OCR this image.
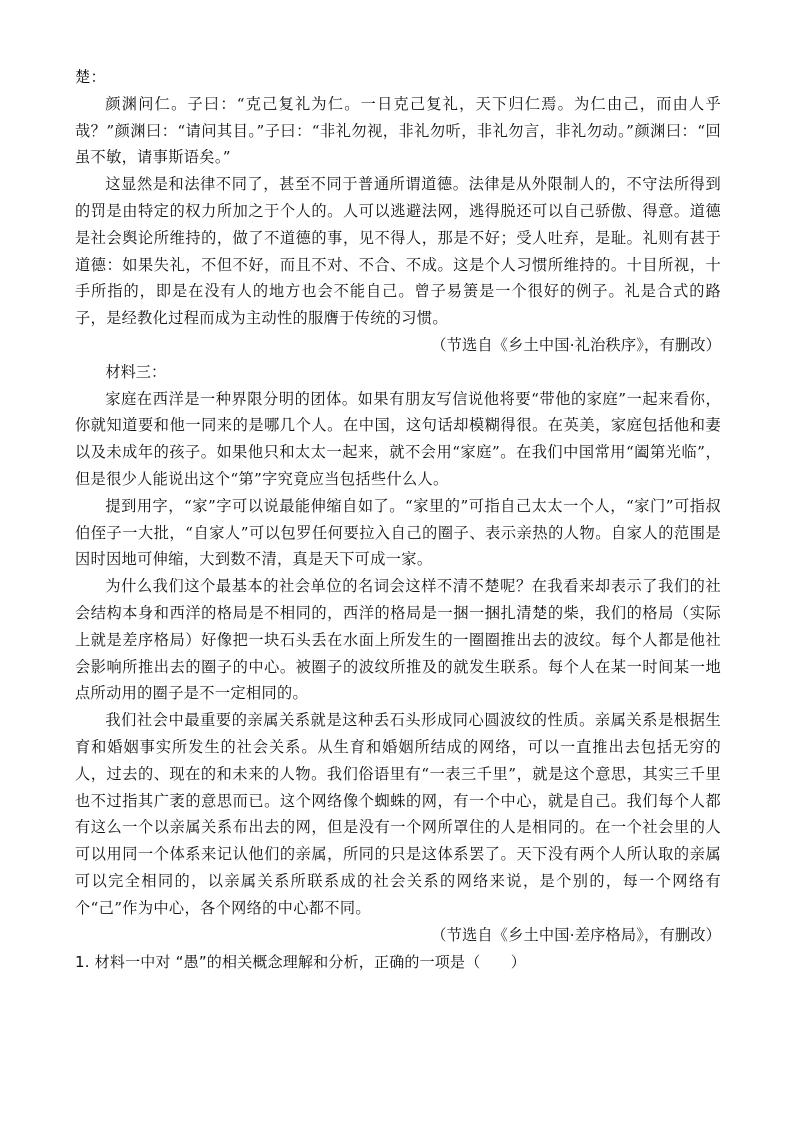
楚：

颜渊问仁。子曰：“克己复礼为仁。一日克己复礼，天下归仁焉。为仁由己，而由人乎哉？”颜渊曰：“请问其目。”子曰：“非礼勿视，非礼勿听，非礼勿言，非礼勿动。”颜渊曰：“回虽不敏，请事斯语矣。”

这显然是和法律不同了，甚至不同于普通所谓道德。法律是从外限制人的，不守法所得到的罚是由特定的权力所加之于个人的。人可以逃避法网，逃得脱还可以自己骄傲、得意。道德是社会舆论所维持的，做了不道德的事，见不得人，那是不好；受人吐弃，是耻。礼则有甚于道德：如果失礼，不但不好，而且不对、不合、不成。这是个人习惯所维持的。十目所视，十手所指的，即是在没有人的地方也会不能自己。曾子易箦是一个很好的例子。礼是合式的路子，是经教化过程而成为主动性的服膺于传统的习惯。

（节选自《乡土中国·礼治秩序》，有删改）

材料三：

家庭在西洋是一种界限分明的团体。如果有朋友写信说他将要“带他的家庭”一起来看你，你就知道要和他一同来的是哪几个人。在中国，这句话却模糊得很。在英美，家庭包括他和妻以及未成年的孩子。如果他只和太太一起来，就不会用“家庭”。在我们中国常用“阖第光临”，但是很少人能说出这个“第”字究竟应当包括些什么人。

提到用字，“家”字可以说最能伸缩自如了。“家里的”可指自己太太一个人，“家门”可指叔伯侄子一大批，“自家人”可以包罗任何要拉入自己的圈子、表示亲热的人物。自家人的范围是因时因地可伸缩，大到数不清，真是天下可成一家。

为什么我们这个最基本的社会单位的名词会这样不清不楚呢？在我看来却表示了我们的社会结构本身和西洋的格局是不相同的，西洋的格局是一捆一捆扎清楚的柴，我们的格局（实际上就是差序格局）好像把一块石头丢在水面上所发生的一圈圈推出去的波纹。每个人都是他社会影响所推出去的圈子的中心。被圈子的波纹所推及的就发生联系。每个人在某一时间某一地点所动用的圈子是不一定相同的。

我们社会中最重要的亲属关系就是这种丢石头形成同心圆波纹的性质。亲属关系是根据生育和婚姻事实所发生的社会关系。从生育和婚姻所结成的网络，可以一直推出去包括无穷的人，过去的、现在的和未来的人物。我们俗语里有“一表三千里”，就是这个意思，其实三千里也不过指其广袤的意思而已。这个网络像个蜘蛛的网，有一个中心，就是自己。我们每个人都有这么一个以亲属关系布出去的网，但是没有一个网所罩住的人是相同的。在一个社会里的人可以用同一个体系来记认他们的亲属，所同的只是这体系罢了。天下没有两个人所认取的亲属可以完全相同的，以亲属关系所联系成的社会关系的网络来说，是个别的，每一个网络有个“己”作为中心，各个网络的中心都不同。

（节选自《乡土中国·差序格局》，有删改）

1. 材料一中对 “愚”的相关概念理解和分析，正确的一项是（　　）
